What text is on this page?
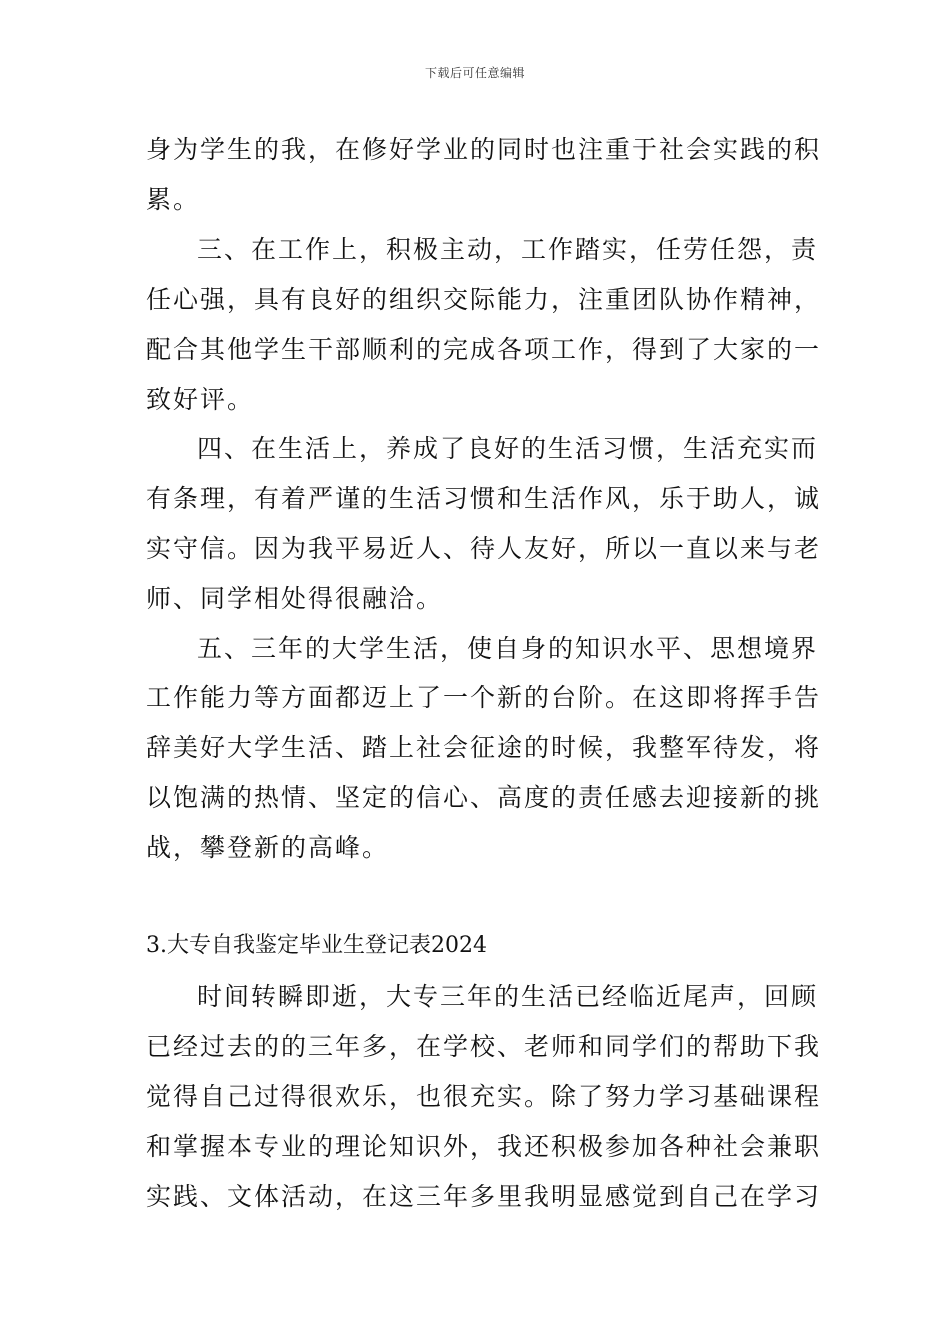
下载后可任意编辑
身为学生的我，在修好学业的同时也注重于社会实践的积
累。
三、在工作上，积极主动，工作踏实，任劳任怨，责
任心强，具有良好的组织交际能力，注重团队协作精神，
配合其他学生干部顺利的完成各项工作，得到了大家的一
致好评。
四、在生活上，养成了良好的生活习惯，生活充实而
有条理，有着严谨的生活习惯和生活作风，乐于助人，诚
实守信。因为我平易近人、待人友好，所以一直以来与老
师、同学相处得很融洽。
五、三年的大学生活，使自身的知识水平、思想境界
工作能力等方面都迈上了一个新的台阶。在这即将挥手告
辞美好大学生活、踏上社会征途的时候，我整军待发，将
以饱满的热情、坚定的信心、高度的责任感去迎接新的挑
战，攀登新的高峰。
3.大专自我鉴定毕业生登记表2024
时间转瞬即逝，大专三年的生活已经临近尾声，回顾
已经过去的的三年多，在学校、老师和同学们的帮助下我
觉得自己过得很欢乐，也很充实。除了努力学习基础课程
和掌握本专业的理论知识外，我还积极参加各种社会兼职
实践、文体活动，在这三年多里我明显感觉到自己在学习
